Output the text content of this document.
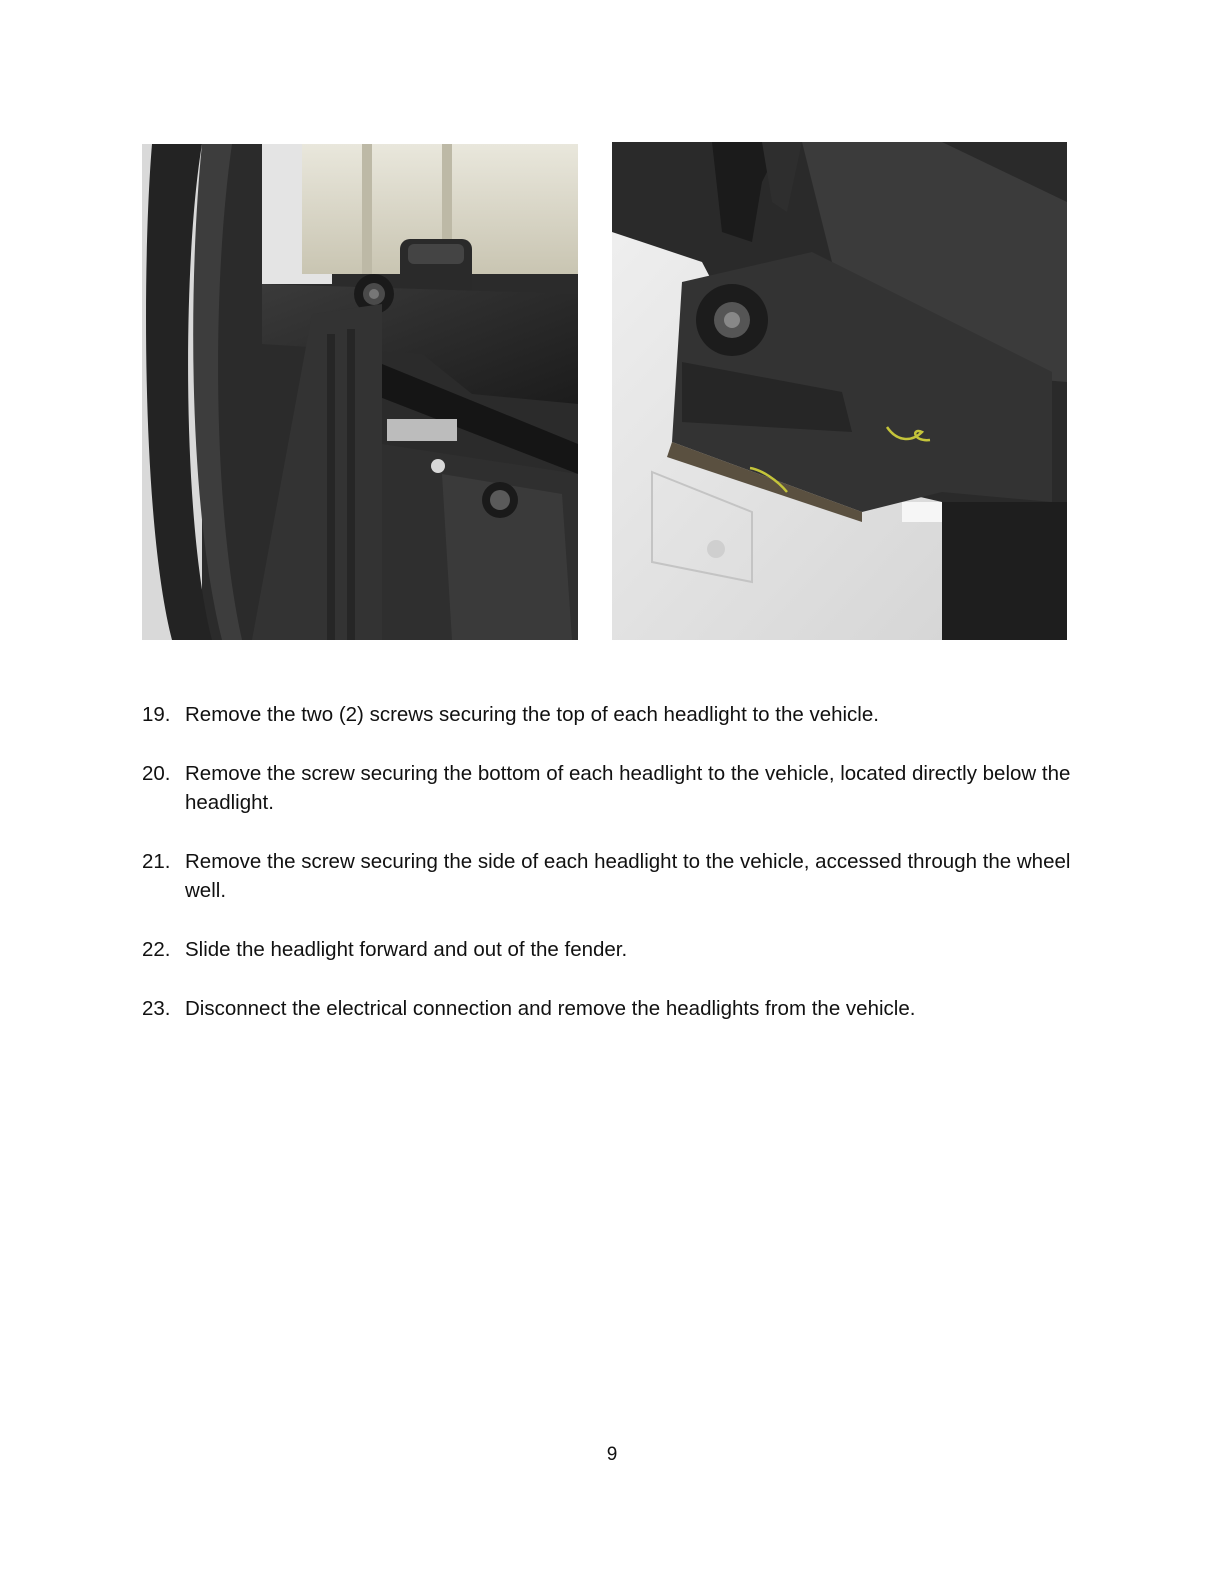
19. Remove the two (2) screws securing the top of each headlight to the vehicle.
20. Remove the screw securing the bottom of each headlight to the vehicle, located directly below the headlight.
21. Remove the screw securing the side of each headlight to the vehicle, accessed through the wheel well.
22. Slide the headlight forward and out of the fender.
23. Disconnect the electrical connection and remove the headlights from the vehicle.
9
